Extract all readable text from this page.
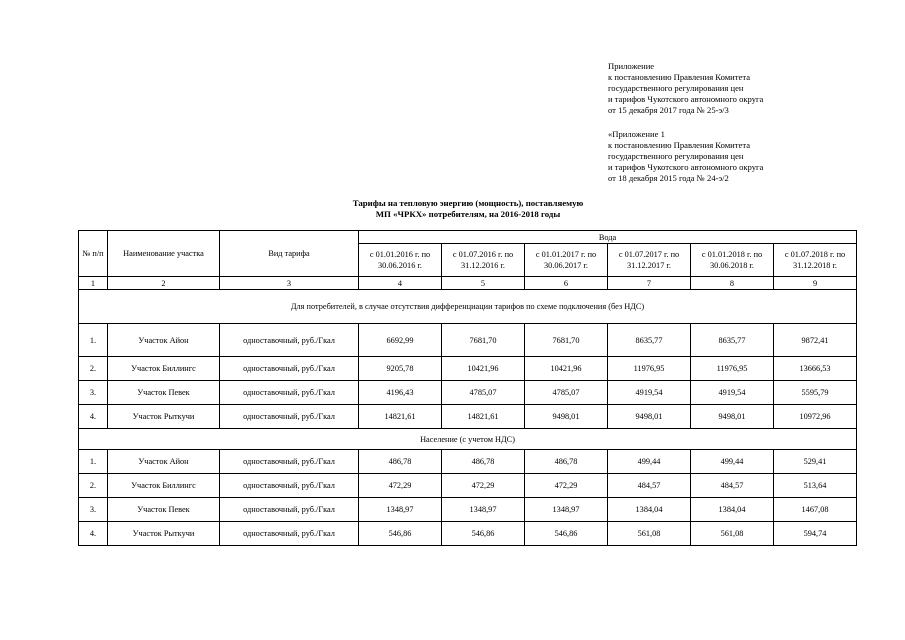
Приложение
к постановлению Правления Комитета
государственного регулирования цен
и тарифов Чукотского автономного округа
от 15 декабря 2017 года № 25-э/3
«Приложение 1
к постановлению Правления Комитета
государственного регулирования цен
и тарифов Чукотского автономного округа
от 18 декабря 2015 года № 24-э/2
Тарифы на тепловую энергию (мощность), поставляемую
МП «ЧРКХ» потребителям, на 2016-2018 годы
№ п/п	Наименование участка	Вид тарифа	Вода					
			с 01.01.2016 г. по 30.06.2016 г.	с 01.07.2016 г. по 31.12.2016 г.	с 01.01.2017 г. по 30.06.2017 г.	с 01.07.2017 г. по 31.12.2017 г.	с 01.01.2018 г. по 30.06.2018 г.	с 01.07.2018 г. по 31.12.2018 г.
1	2	3	4	5	6	7	8	9
Для потребителей, в случае отсутствия дифференциации тарифов по схеме подключения (без НДС)								
1.	Участок Айон	одноставочный, руб./Гкал	6692,99	7681,70	7681,70	8635,77	8635,77	9872,41
2.	Участок Биллингс	одноставочный, руб./Гкал	9205,78	10421,96	10421,96	11976,95	11976,95	13666,53
3.	Участок Певек	одноставочный, руб./Гкал	4196,43	4785,07	4785,07	4919,54	4919,54	5595,79
4.	Участок Рыткучи	одноставочный, руб./Гкал	14821,61	14821,61	9498,01	9498,01	9498,01	10972,96
Население (с учетом НДС)								
1.	Участок Айон	одноставочный, руб./Гкал	486,78	486,78	486,78	499,44	499,44	529,41
2.	Участок Биллингс	одноставочный, руб./Гкал	472,29	472,29	472,29	484,57	484,57	513,64
3.	Участок Певек	одноставочный, руб./Гкал	1348,97	1348,97	1348,97	1384,04	1384,04	1467,08
4.	Участок Рыткучи	одноставочный, руб./Гкал	546,86	546,86	546,86	561,08	561,08	594,74
